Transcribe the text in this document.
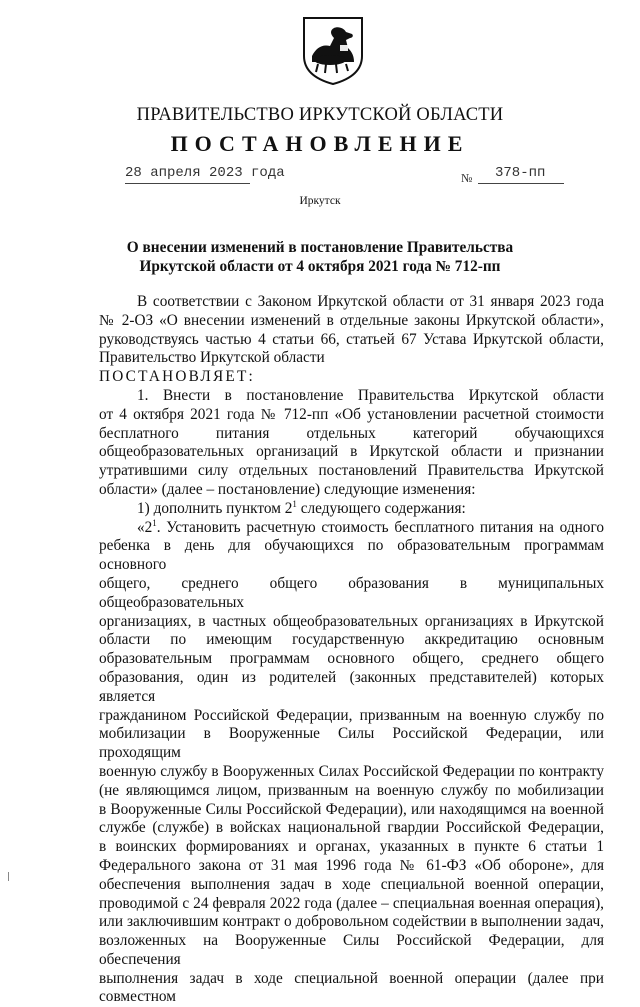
ПРАВИТЕЛЬСТВО ИРКУТСКОЙ ОБЛАСТИ
ПОСТАНОВЛЕНИЕ
28 апреля 2023 года	№ 378-пп
Иркутск
О внесении изменений в постановление Правительства
Иркутской области от 4 октября 2021 года № 712-пп

В соответствии с Законом Иркутской области от 31 января 2023 года

№ 2-ОЗ «О внесении изменений в отдельные законы Иркутской области»,

руководствуясь частью 4 статьи 66, статьей 67 Устава Иркутской области,

Правительство Иркутской области

ПОСТАНОВЛЯЕТ:

1. Внести в постановление Правительства Иркутской области

от 4 октября 2021 года № 712-пп «Об установлении расчетной стоимости

бесплатного питания отдельных категорий обучающихся

общеобразовательных организаций в Иркутской области и признании

утратившими силу отдельных постановлений Правительства Иркутской

области» (далее – постановление) следующие изменения:

1) дополнить пунктом $2^1$ следующего содержания:

«$2^1$. Установить расчетную стоимость бесплатного питания на одного

ребенка в день для обучающихся по образовательным программам основного

общего, среднего общего образования в муниципальных общеобразовательных

организациях, в частных общеобразовательных организациях в Иркутской

области по имеющим государственную аккредитацию основным

образовательным программам основного общего, среднего общего

образования, один из родителей (законных представителей) которых является

гражданином Российской Федерации, призванным на военную службу по

мобилизации в Вооруженные Силы Российской Федерации, или проходящим

военную службу в Вооруженных Силах Российской Федерации по контракту

(не являющимся лицом, призванным на военную службу по мобилизации

в Вооруженные Силы Российской Федерации), или находящимся на военной

службе (службе) в войсках национальной гвардии Российской Федерации,

в воинских формированиях и органах, указанных в пункте 6 статьи 1

Федерального закона от 31 мая 1996 года № 61-ФЗ «Об обороне», для

обеспечения выполнения задач в ходе специальной военной операции,

проводимой с 24 февраля 2022 года (далее – специальная военная операция),

или заключившим контракт о добровольном содействии в выполнении задач,

возложенных на Вооруженные Силы Российской Федерации, для обеспечения

выполнения задач в ходе специальной военной операции (далее при совместном
